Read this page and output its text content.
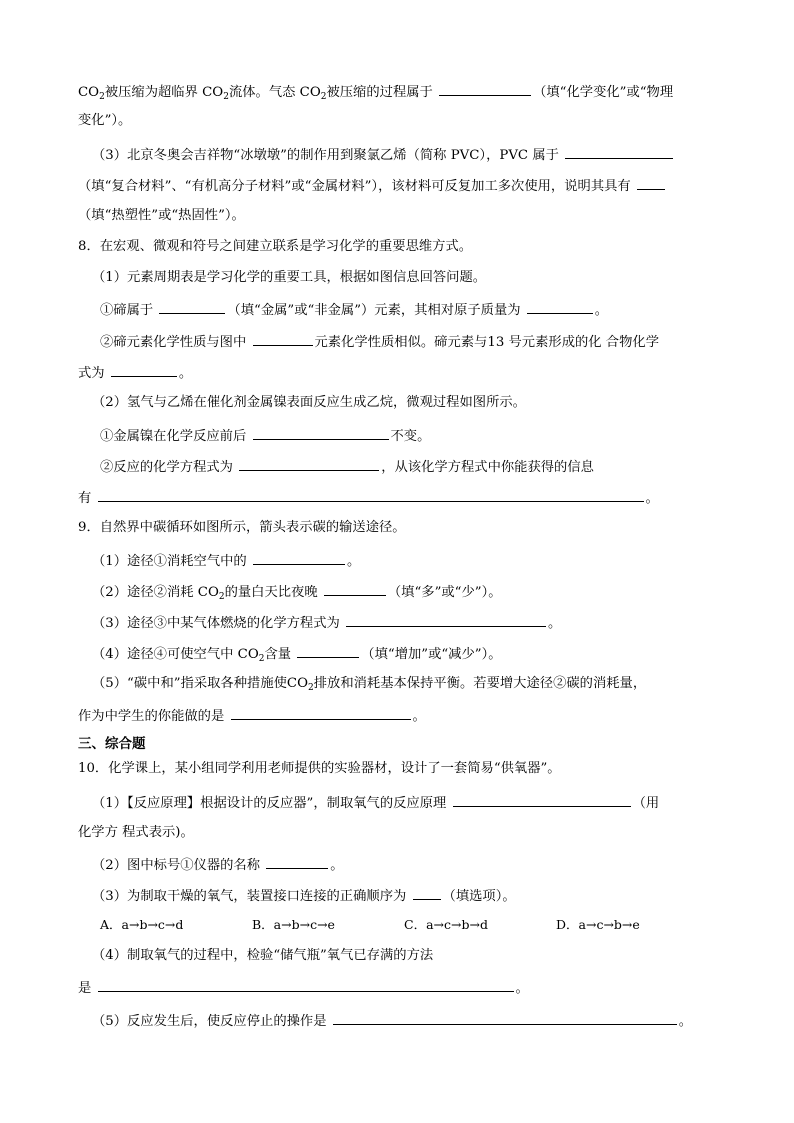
$CO_2$被压缩为超临界 $CO_2$流体。气态 $CO_2$被压缩的过程属于	（填“化学变化”或“物理
变化”）。
（3）北京冬奥会吉祥物“冰墩墩”的制作用到聚氯乙烯（简称 PVC），PVC 属于
（填“复合材料”、“有机高分子材料”或“金属材料”），该材料可反复加工多次使用，说明其具有
（填“热塑性”或“热固性”）。
8．在宏观、微观和符号之间建立联系是学习化学的重要思维方式。
（1）元素周期表是学习化学的重要工具，根据如图信息回答问题。
①碲属于	（填“金属”或“非金属”）元素，其相对原子质量为	。
②碲元素化学性质与图中	元素化学性质相似。碲元素与13 号元素形成的化 合物化学
式为	。
（2）氢气与乙烯在催化剂金属镍表面反应生成乙烷，微观过程如图所示。
①金属镍在化学反应前后	不变。
②反应的化学方程式为	，从该化学方程式中你能获得的信息
有	。
9．自然界中碳循环如图所示，箭头表示碳的输送途径。
（1）途径①消耗空气中的	。
（2）途径②消耗 $CO_2$的量白天比夜晚	（填“多”或“少”）。
（3）途径③中某气体燃烧的化学方程式为	。
（4）途径④可使空气中 $CO_2$含量	（填“增加”或“减少”）。
（5）“碳中和”指采取各种措施使$CO_2$排放和消耗基本保持平衡。若要增大途径②碳的消耗量，
作为中学生的你能做的是	。
三、综合题
10．化学课上，某小组同学利用老师提供的实验器材，设计了一套简易“供氧器”。
（1）【反应原理】根据设计的反应器”，制取氧气的反应原理	（用
化学方 程式表示)。
（2）图中标号①仪器的名称	。
（3）为制取干燥的氧气，装置接口连接的正确顺序为	（填选项）。
A．a→b→c→d	B．a→b→c→e	C．a→c→b→d	D．a→c→b→e
（4）制取氧气的过程中，检验“储气瓶”氧气已存满的方法
是	。
（5）反应发生后，使反应停止的操作是	。
